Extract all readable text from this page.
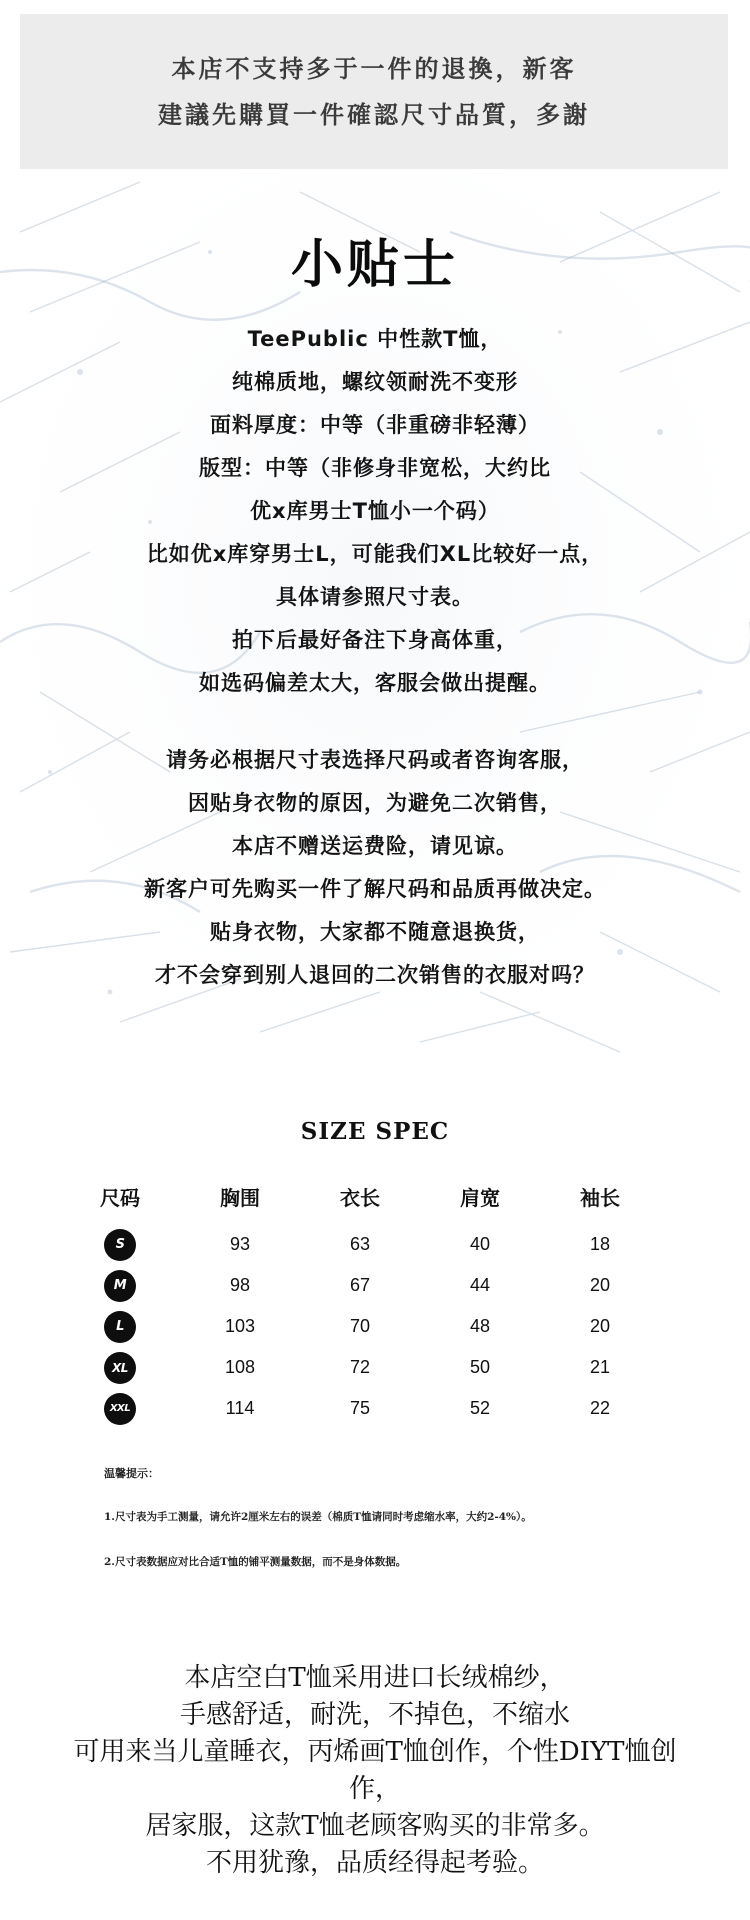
本店不支持多于一件的退換，新客
建議先購買一件確認尺寸品質，多謝
小贴士
TeePublic 中性款T恤，
纯棉质地，螺纹领耐洗不变形
面料厚度：中等（非重磅非轻薄）
版型：中等（非修身非宽松，大约比
优x库男士T恤小一个码）
比如优x库穿男士L，可能我们XL比较好一点，
具体请参照尺寸表。
拍下后最好备注下身高体重，
如选码偏差太大，客服会做出提醒。
请务必根据尺寸表选择尺码或者咨询客服，
因贴身衣物的原因，为避免二次销售，
本店不赠送运费险，请见谅。
新客户可先购买一件了解尺码和品质再做决定。
贴身衣物，大家都不随意退换货，
才不会穿到别人退回的二次销售的衣服对吗？
SIZE SPEC
尺码	胸围	衣长	肩宽	袖长
S	93	63	40	18
M	98	67	44	20
L	103	70	48	20
XL	108	72	50	21
XXL	114	75	52	22
温馨提示：
1.尺寸表为手工测量，请允许2厘米左右的误差（棉质T恤请同时考虑缩水率，大约2-4%）。
2.尺寸表数据应对比合适T恤的铺平测量数据，而不是身体数据。
本店空白T恤采用进口长绒棉纱，
手感舒适，耐洗，不掉色，不缩水
可用来当儿童睡衣，丙烯画T恤创作，个性DIYT恤创
作，
居家服，这款T恤老顾客购买的非常多。
不用犹豫，品质经得起考验。
